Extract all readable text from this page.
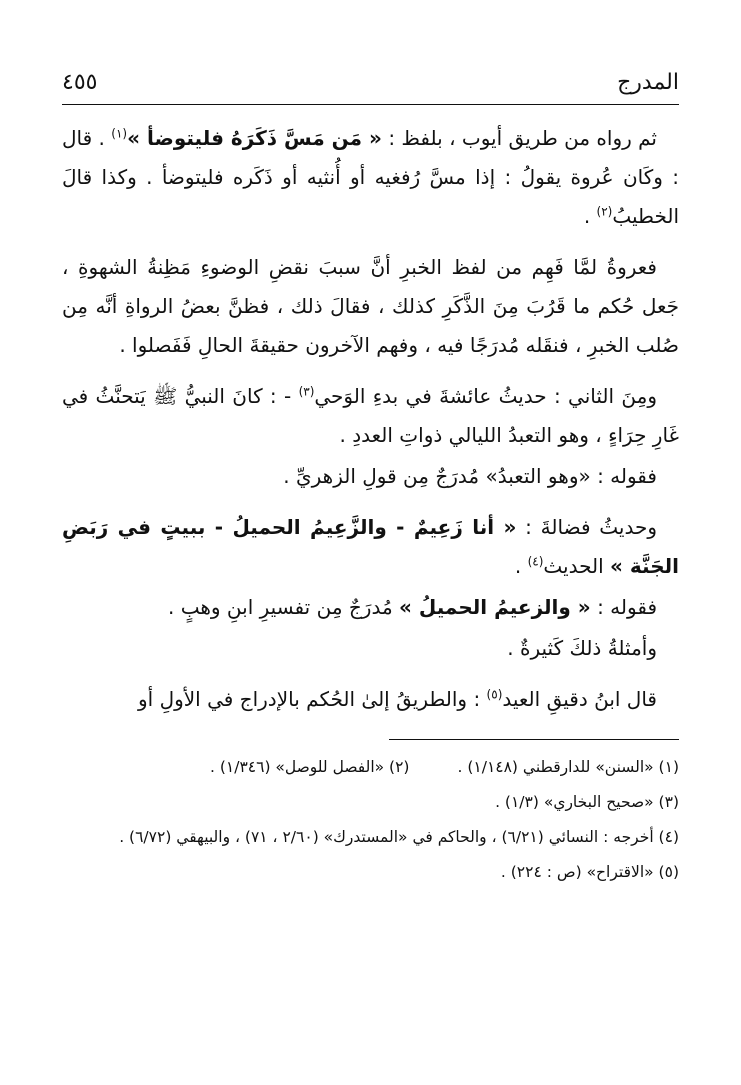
المدرج
٤٥٥

ثم رواه من طريق أيوب ، بلفظ : « مَن مَسَّ ذَكَرَهُ فليتوضأ »$^{(١)}$ . قال : وكَان عُروة يقولُ : إذا مسَّ رُفغيه أو أُنثيه أو ذَكَره فليتوضأ . وكذا قالَ الخطيبُ$^{(٢)}$ .

فعروةُ لمَّا فَهِم من لفظ الخبرِ أنَّ سببَ نقضِ الوضوءِ مَظِنةُ الشهوةِ ، جَعل حُكم ما قَرُبَ مِنَ الذَّكَرِ كذلك ، فقالَ ذلك ، فظنَّ بعضُ الرواةِ أنَّه مِن صُلب الخبرِ ، فنقَله مُدرَجًا فيه ، وفهم الآخرون حقيقةَ الحالِ فَفَصلوا .

ومِنَ الثاني : حديثُ عائشةَ في بدءِ الوَحي$^{(٣)}$ - : كانَ النبيُّ ﷺ يَتحنَّثُ في غَارِ حِرَاءٍ ، وهو التعبدُ الليالي ذواتِ العددِ .

فقوله : «وهو التعبدُ» مُدرَجٌ مِن قولِ الزهريِّ .

وحديثُ فضالةَ : « أنا زَعِيمٌ - والزَّعِيمُ الحميلُ - ببيتٍ في رَبَضِ الجَنَّة » الحديث$^{(٤)}$ .

فقوله : « والزعيمُ الحميلُ » مُدرَجٌ مِن تفسيرِ ابنِ وهبٍ .

وأمثلةُ ذلكَ كَثيرةٌ .

قال ابنُ دقيقِ العيد$^{(٥)}$ : والطريقُ إلىٰ الحُكم بالإدراج في الأولِ أو

(١) «السنن» للدارقطني (١/١٤٨) .
(٢) «الفصل للوصل» (١/٣٤٦) .

(٣) «صحيح البخاري» (١/٣) .

(٤) أخرجه : النسائي (٦/٢١) ، والحاكم في «المستدرك» (٢/٦٠ ، ٧١) ، والبيهقي (٦/٧٢) .

(٥) «الاقتراح» (ص : ٢٢٤) .
